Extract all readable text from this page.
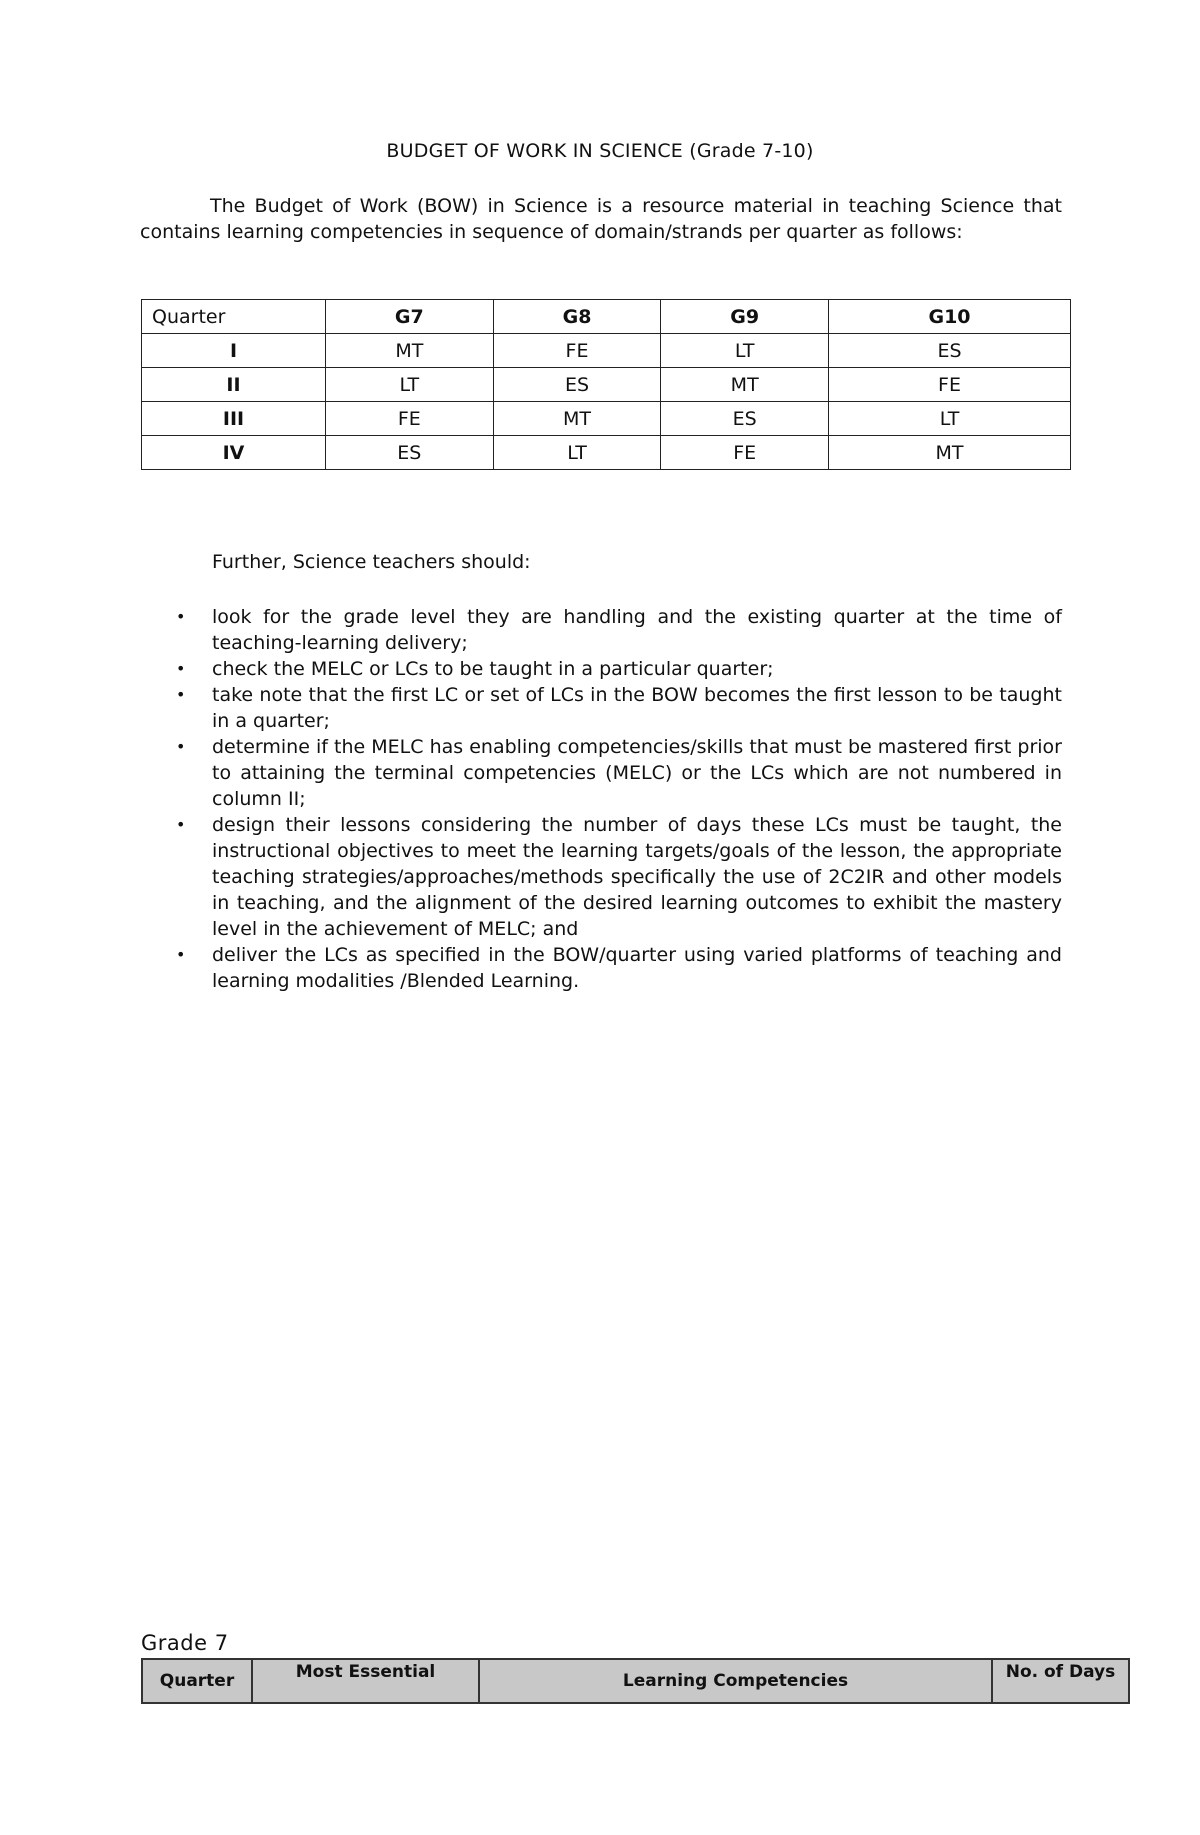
BUDGET OF WORK IN SCIENCE (Grade 7-10)

The Budget of Work (BOW) in Science is a resource material in teaching Science that contains learning competencies in sequence of domain/strands per quarter as follows:

Quarter	G7	G8	G9	G10
I	MT	FE	LT	ES
II	LT	ES	MT	FE
III	FE	MT	ES	LT
IV	ES	LT	FE	MT
Further, Science teachers should:
• look for the grade level they are handling and the existing quarter at the time of teaching-learning delivery;
• check the MELC or LCs to be taught in a particular quarter;
• take note that the first LC or set of LCs in the BOW becomes the first lesson to be taught in a quarter;
• determine if the MELC has enabling competencies/skills that must be mastered first prior to attaining the terminal competencies (MELC) or the LCs which are not numbered in column II;
• design their lessons considering the number of days these LCs must be taught, the instructional objectives to meet the learning targets/goals of the lesson, the appropriate teaching strategies/approaches/methods specifically the use of 2C2IR and other models in teaching, and the alignment of the desired learning outcomes to exhibit the mastery level in the achievement of MELC; and
• deliver the LCs as specified in the BOW/quarter using varied platforms of teaching and learning modalities /Blended Learning.
Grade 7
Quarter	Most Essential	Learning Competencies	No. of Days
